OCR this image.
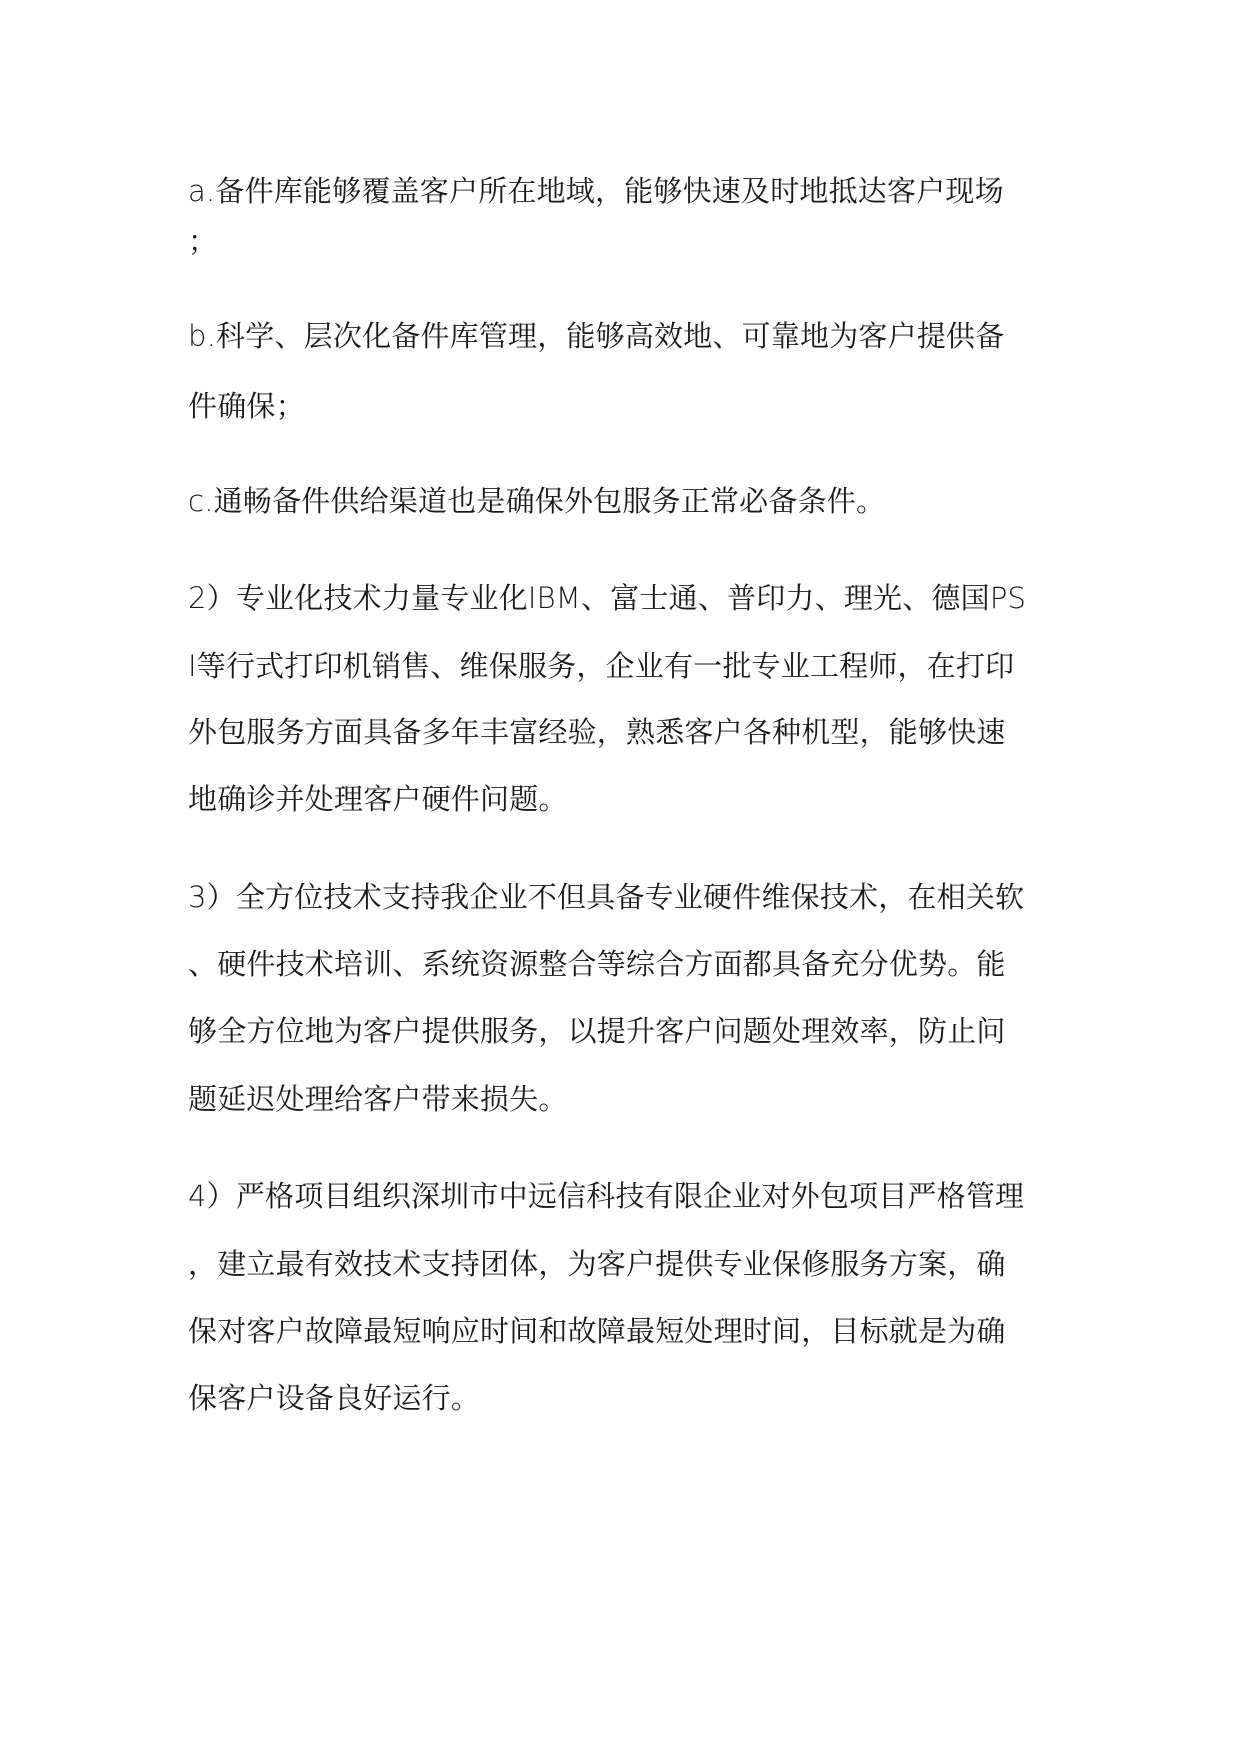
a.备件库能够覆盖客户所在地域，能够快速及时地抵达客户现场
；
b.科学、层次化备件库管理，能够高效地、可靠地为客户提供备
件确保；
c.通畅备件供给渠道也是确保外包服务正常必备条件。
2）专业化技术力量专业化IBM、富士通、普印力、理光、德国PS
I等行式打印机销售、维保服务，企业有一批专业工程师，在打印
外包服务方面具备多年丰富经验，熟悉客户各种机型，能够快速
地确诊并处理客户硬件问题。
3）全方位技术支持我企业不但具备专业硬件维保技术，在相关软
、硬件技术培训、系统资源整合等综合方面都具备充分优势。能
够全方位地为客户提供服务，以提升客户问题处理效率，防止问
题延迟处理给客户带来损失。
4）严格项目组织深圳市中远信科技有限企业对外包项目严格管理
，建立最有效技术支持团体，为客户提供专业保修服务方案，确
保对客户故障最短响应时间和故障最短处理时间，目标就是为确
保客户设备良好运行。
